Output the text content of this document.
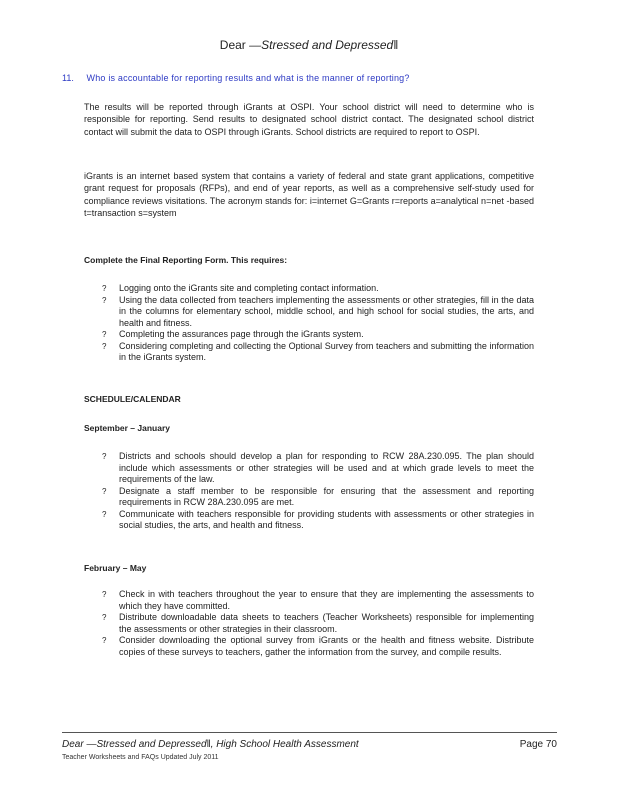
Dear —Stressed and Depressed‖
11. Who is accountable for reporting results and what is the manner of reporting?

The results will be reported through iGrants at OSPI. Your school district will need to determine who is responsible for reporting. Send results to designated school district contact. The designated school district contact will submit the data to OSPI through iGrants. School districts are required to report to OSPI.

iGrants is an internet based system that contains a variety of federal and state grant applications, competitive grant request for proposals (RFPs), and end of year reports, as well as a comprehensive self-study used for compliance reviews visitations. The acronym stands for: i=internet G=Grants r=reports a=analytical n=net -based t=transaction s=system

Complete the Final Reporting Form. This requires:
? Logging onto the iGrants site and completing contact information.
? Using the data collected from teachers implementing the assessments or other strategies, fill in the data in the columns for elementary school, middle school, and high school for social studies, the arts, and health and fitness.
? Completing the assurances page through the iGrants system.
? Considering completing and collecting the Optional Survey from teachers and submitting the information in the iGrants system.
SCHEDULE/CALENDAR
September – January
? Districts and schools should develop a plan for responding to RCW 28A.230.095. The plan should include which assessments or other strategies will be used and at which grade levels to meet the requirements of the law.
? Designate a staff member to be responsible for ensuring that the assessment and reporting requirements in RCW 28A.230.095 are met.
? Communicate with teachers responsible for providing students with assessments or other strategies in social studies, the arts, and health and fitness.
February – May
? Check in with teachers throughout the year to ensure that they are implementing the assessments to which they have committed.
? Distribute downloadable data sheets to teachers (Teacher Worksheets) responsible for implementing the assessments or other strategies in their classroom.
? Consider downloading the optional survey from iGrants or the health and fitness website. Distribute copies of these surveys to teachers, gather the information from the survey, and compile results.
Dear —Stressed and Depressed‖, High School Health Assessment	Page 70
Teacher Worksheets and FAQs Updated July 2011
